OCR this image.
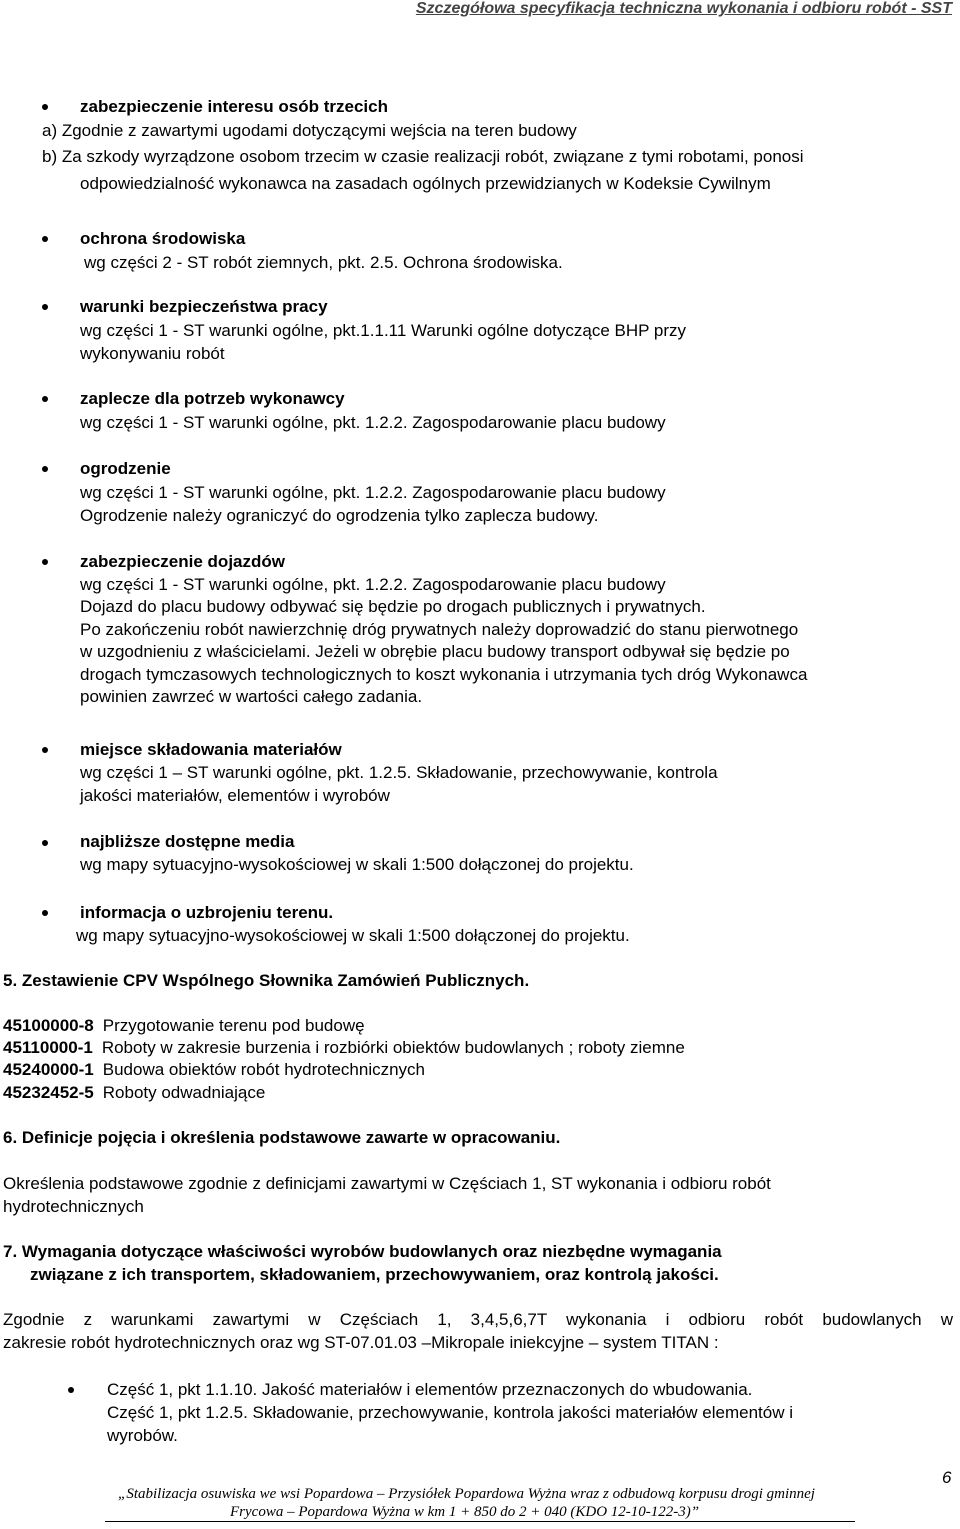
Szczegółowa specyfikacja techniczna wykonania i odbioru robót - SST
zabezpieczenie interesu osób trzecich
a) Zgodnie z zawartymi ugodami dotyczącymi wejścia na teren budowy
b) Za szkody wyrządzone osobom trzecim w czasie realizacji robót, związane z tymi robotami, ponosi
odpowiedzialność wykonawca na zasadach ogólnych przewidzianych w Kodeksie Cywilnym
ochrona środowiska
wg części 2 - ST robót ziemnych, pkt. 2.5. Ochrona środowiska.
warunki bezpieczeństwa pracy
wg części 1 - ST warunki ogólne, pkt.1.1.11 Warunki ogólne dotyczące BHP przy
wykonywaniu robót
zaplecze dla potrzeb wykonawcy
wg części 1 - ST warunki ogólne, pkt. 1.2.2. Zagospodarowanie placu budowy
ogrodzenie
wg części 1 - ST warunki ogólne, pkt. 1.2.2. Zagospodarowanie placu budowy
Ogrodzenie należy ograniczyć do ogrodzenia tylko zaplecza budowy.
zabezpieczenie dojazdów
wg części 1 - ST warunki ogólne, pkt. 1.2.2. Zagospodarowanie placu budowy
Dojazd do placu budowy odbywać się będzie po drogach publicznych i prywatnych.
Po zakończeniu robót nawierzchnię dróg prywatnych należy doprowadzić do stanu pierwotnego
w uzgodnieniu z właścicielami. Jeżeli w obrębie placu budowy transport odbywał się będzie po
drogach tymczasowych technologicznych to koszt wykonania i utrzymania tych dróg Wykonawca
powinien zawrzeć w wartości całego zadania.
miejsce składowania materiałów
wg części 1 – ST warunki ogólne, pkt. 1.2.5. Składowanie, przechowywanie, kontrola
jakości materiałów, elementów i wyrobów
najbliższe dostępne media
wg mapy sytuacyjno-wysokościowej w skali 1:500 dołączonej do projektu.
informacja o uzbrojeniu terenu.
wg mapy sytuacyjno-wysokościowej w skali 1:500 dołączonej do projektu.
5. Zestawienie CPV Wspólnego Słownika Zamówień Publicznych.
45100000-8 Przygotowanie terenu pod budowę
45110000-1 Roboty w zakresie burzenia i rozbiórki obiektów budowlanych ; roboty ziemne
45240000-1 Budowa obiektów robót hydrotechnicznych
45232452-5 Roboty odwadniające
6. Definicje pojęcia i określenia podstawowe zawarte w opracowaniu.
Określenia podstawowe zgodnie z definicjami zawartymi w Częściach 1, ST wykonania i odbioru robót
hydrotechnicznych
7. Wymagania dotyczące właściwości wyrobów budowlanych oraz niezbędne wymagania
związane z ich transportem, składowaniem, przechowywaniem, oraz kontrolą jakości.
Zgodnie z warunkami zawartymi w Częściach 1, 3,4,5,6,7T wykonania i odbioru robót budowlanych w
zakresie robót hydrotechnicznych oraz wg ST-07.01.03 –Mikropale iniekcyjne – system TITAN :
Część 1, pkt 1.1.10. Jakość materiałów i elementów przeznaczonych do wbudowania.
Część 1, pkt 1.2.5. Składowanie, przechowywanie, kontrola jakości materiałów elementów i
wyrobów.
„Stabilizacja osuwiska we wsi Popardowa – Przysiółek Popardowa Wyżna wraz z odbudową korpusu drogi gminnej
Frycowa – Popardowa Wyżna w km 1 + 850 do 2 + 040 (KDO 12-10-122-3)”
6
